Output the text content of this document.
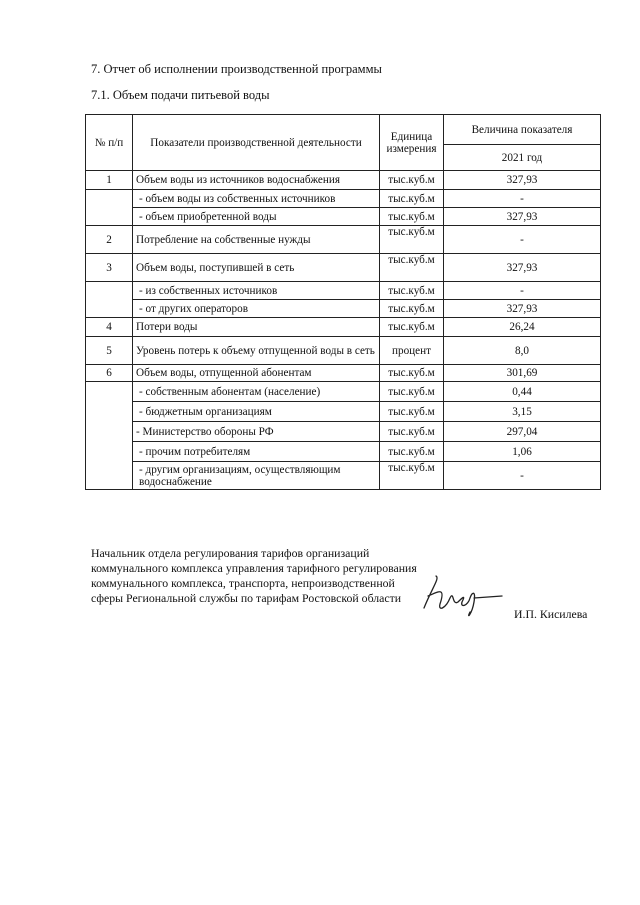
7. Отчет об исполнении производственной программы
7.1. Объем подачи питьевой воды
№ п/п	Показатели производственной деятельности	Единица измерения	Величина показателя
			2021 год
1	Объем воды из источников водоснабжения	тыс.куб.м	327,93
	- объем воды из собственных источников	тыс.куб.м	-
	- объем приобретенной воды	тыс.куб.м	327,93
2	Потребление на собственные нужды	тыс.куб.м	-
3	Объем воды, поступившей в сеть	тыс.куб.м	327,93
	- из собственных источников	тыс.куб.м	-
	- от других операторов	тыс.куб.м	327,93
4	Потери воды	тыс.куб.м	26,24
5	Уровень потерь к объему отпущенной воды в сеть	процент	8,0
6	Объем воды, отпущенной абонентам	тыс.куб.м	301,69
	- собственным абонентам (население)	тыс.куб.м	0,44
	- бюджетным организациям	тыс.куб.м	3,15
	- Министерство обороны РФ	тыс.куб.м	297,04
	- прочим потребителям	тыс.куб.м	1,06
	- другим организациям, осуществляющим водоснабжение	тыс.куб.м	-
Начальник отдела регулирования тарифов организаций коммунального комплекса управления тарифного регулирования коммунального комплекса, транспорта, непроизводственной сферы Региональной службы по тарифам Ростовской области
И.П. Кисилева
